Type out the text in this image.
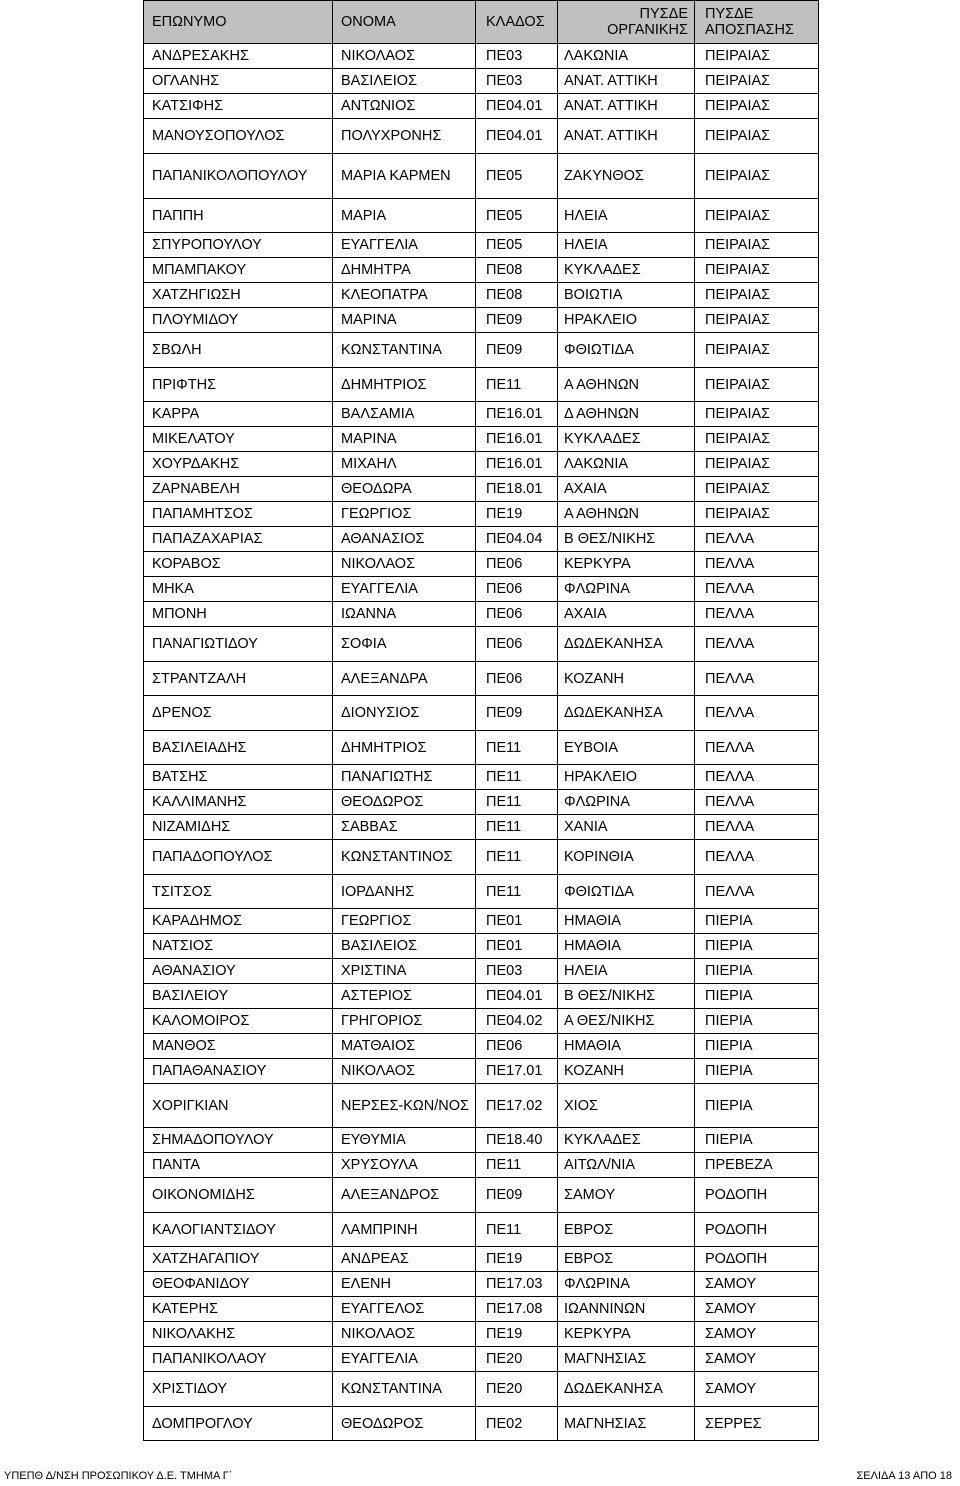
ΕΠΩΝΥΜΟ	ΟΝΟΜΑ	ΚΛΑΔΟΣ	ΠΥΣΔΕ ΟΡΓΑΝΙΚΗΣ	ΠΥΣΔΕ ΑΠΟΣΠΑΣΗΣ
ΑΝΔΡΕΣΑΚΗΣ	ΝΙΚΟΛΑΟΣ	ΠΕ03	ΛΑΚΩΝΙΑ	ΠΕΙΡΑΙΑΣ
ΟΓΛΑΝΗΣ	ΒΑΣΙΛΕΙΟΣ	ΠΕ03	ΑΝΑΤ. ΑΤΤΙΚΗ	ΠΕΙΡΑΙΑΣ
ΚΑΤΣΙΦΗΣ	ΑΝΤΩΝΙΟΣ	ΠΕ04.01	ΑΝΑΤ. ΑΤΤΙΚΗ	ΠΕΙΡΑΙΑΣ
ΜΑΝΟΥΣΟΠΟΥΛΟΣ	ΠΟΛΥΧΡΟΝΗΣ	ΠΕ04.01	ΑΝΑΤ. ΑΤΤΙΚΗ	ΠΕΙΡΑΙΑΣ
ΠΑΠΑΝΙΚΟΛΟΠΟΥΛΟΥ	ΜΑΡΙΑ ΚΑΡΜΕΝ	ΠΕ05	ΖΑΚΥΝΘΟΣ	ΠΕΙΡΑΙΑΣ
ΠΑΠΠΗ	ΜΑΡΙΑ	ΠΕ05	ΗΛΕΙΑ	ΠΕΙΡΑΙΑΣ
ΣΠΥΡΟΠΟΥΛΟΥ	ΕΥΑΓΓΕΛΙΑ	ΠΕ05	ΗΛΕΙΑ	ΠΕΙΡΑΙΑΣ
ΜΠΑΜΠΑΚΟΥ	ΔΗΜΗΤΡΑ	ΠΕ08	ΚΥΚΛΑΔΕΣ	ΠΕΙΡΑΙΑΣ
ΧΑΤΖΗΓΙΩΣΗ	ΚΛΕΟΠΑΤΡΑ	ΠΕ08	ΒΟΙΩΤΙΑ	ΠΕΙΡΑΙΑΣ
ΠΛΟΥΜΙΔΟΥ	ΜΑΡΙΝΑ	ΠΕ09	ΗΡΑΚΛΕΙΟ	ΠΕΙΡΑΙΑΣ
ΣΒΩΛΗ	ΚΩΝΣΤΑΝΤΙΝΑ	ΠΕ09	ΦΘΙΩΤΙΔΑ	ΠΕΙΡΑΙΑΣ
ΠΡΙΦΤΗΣ	ΔΗΜΗΤΡΙΟΣ	ΠΕ11	Α ΑΘΗΝΩΝ	ΠΕΙΡΑΙΑΣ
ΚΑΡΡΑ	ΒΑΛΣΑΜΙΑ	ΠΕ16.01	Δ ΑΘΗΝΩΝ	ΠΕΙΡΑΙΑΣ
ΜΙΚΕΛΑΤΟΥ	ΜΑΡΙΝΑ	ΠΕ16.01	ΚΥΚΛΑΔΕΣ	ΠΕΙΡΑΙΑΣ
ΧΟΥΡΔΑΚΗΣ	ΜΙΧΑΗΛ	ΠΕ16.01	ΛΑΚΩΝΙΑ	ΠΕΙΡΑΙΑΣ
ΖΑΡΝΑΒΕΛΗ	ΘΕΟΔΩΡΑ	ΠΕ18.01	ΑΧΑΙΑ	ΠΕΙΡΑΙΑΣ
ΠΑΠΑΜΗΤΣΟΣ	ΓΕΩΡΓΙΟΣ	ΠΕ19	Α ΑΘΗΝΩΝ	ΠΕΙΡΑΙΑΣ
ΠΑΠΑΖΑΧΑΡΙΑΣ	ΑΘΑΝΑΣΙΟΣ	ΠΕ04.04	Β ΘΕΣ/ΝΙΚΗΣ	ΠΕΛΛΑ
ΚΟΡΑΒΟΣ	ΝΙΚΟΛΑΟΣ	ΠΕ06	ΚΕΡΚΥΡΑ	ΠΕΛΛΑ
ΜΗΚΑ	ΕΥΑΓΓΕΛΙΑ	ΠΕ06	ΦΛΩΡΙΝΑ	ΠΕΛΛΑ
ΜΠΟΝΗ	ΙΩΑΝΝΑ	ΠΕ06	ΑΧΑΙΑ	ΠΕΛΛΑ
ΠΑΝΑΓΙΩΤΙΔΟΥ	ΣΟΦΙΑ	ΠΕ06	ΔΩΔΕΚΑΝΗΣΑ	ΠΕΛΛΑ
ΣΤΡΑΝΤΖΑΛΗ	ΑΛΕΞΑΝΔΡΑ	ΠΕ06	ΚΟΖΑΝΗ	ΠΕΛΛΑ
ΔΡΕΝΟΣ	ΔΙΟΝΥΣΙΟΣ	ΠΕ09	ΔΩΔΕΚΑΝΗΣΑ	ΠΕΛΛΑ
ΒΑΣΙΛΕΙΑΔΗΣ	ΔΗΜΗΤΡΙΟΣ	ΠΕ11	ΕΥΒΟΙΑ	ΠΕΛΛΑ
ΒΑΤΣΗΣ	ΠΑΝΑΓΙΩΤΗΣ	ΠΕ11	ΗΡΑΚΛΕΙΟ	ΠΕΛΛΑ
ΚΑΛΛΙΜΑΝΗΣ	ΘΕΟΔΩΡΟΣ	ΠΕ11	ΦΛΩΡΙΝΑ	ΠΕΛΛΑ
ΝΙΖΑΜΙΔΗΣ	ΣΑΒΒΑΣ	ΠΕ11	ΧΑΝΙΑ	ΠΕΛΛΑ
ΠΑΠΑΔΟΠΟΥΛΟΣ	ΚΩΝΣΤΑΝΤΙΝΟΣ	ΠΕ11	ΚΟΡΙΝΘΙΑ	ΠΕΛΛΑ
ΤΣΙΤΣΟΣ	ΙΟΡΔΑΝΗΣ	ΠΕ11	ΦΘΙΩΤΙΔΑ	ΠΕΛΛΑ
ΚΑΡΑΔΗΜΟΣ	ΓΕΩΡΓΙΟΣ	ΠΕ01	ΗΜΑΘΙΑ	ΠΙΕΡΙΑ
ΝΑΤΣΙΟΣ	ΒΑΣΙΛΕΙΟΣ	ΠΕ01	ΗΜΑΘΙΑ	ΠΙΕΡΙΑ
ΑΘΑΝΑΣΙΟΥ	ΧΡΙΣΤΙΝΑ	ΠΕ03	ΗΛΕΙΑ	ΠΙΕΡΙΑ
ΒΑΣΙΛΕΙΟΥ	ΑΣΤΕΡΙΟΣ	ΠΕ04.01	Β ΘΕΣ/ΝΙΚΗΣ	ΠΙΕΡΙΑ
ΚΑΛΟΜΟΙΡΟΣ	ΓΡΗΓΟΡΙΟΣ	ΠΕ04.02	Α ΘΕΣ/ΝΙΚΗΣ	ΠΙΕΡΙΑ
ΜΑΝΘΟΣ	ΜΑΤΘΑΙΟΣ	ΠΕ06	ΗΜΑΘΙΑ	ΠΙΕΡΙΑ
ΠΑΠΑΘΑΝΑΣΙΟΥ	ΝΙΚΟΛΑΟΣ	ΠΕ17.01	ΚΟΖΑΝΗ	ΠΙΕΡΙΑ
ΧΟΡΙΓΚΙΑΝ	ΝΕΡΣΕΣ-ΚΩΝ/ΝΟΣ	ΠΕ17.02	ΧΙΟΣ	ΠΙΕΡΙΑ
ΣΗΜΑΔΟΠΟΥΛΟΥ	ΕΥΘΥΜΙΑ	ΠΕ18.40	ΚΥΚΛΑΔΕΣ	ΠΙΕΡΙΑ
ΠΑΝΤΑ	ΧΡΥΣΟΥΛΑ	ΠΕ11	ΑΙΤΩΛ/ΝΙΑ	ΠΡΕΒΕΖΑ
ΟΙΚΟΝΟΜΙΔΗΣ	ΑΛΕΞΑΝΔΡΟΣ	ΠΕ09	ΣΑΜΟΥ	ΡΟΔΟΠΗ
ΚΑΛΟΓΙΑΝΤΣΙΔΟΥ	ΛΑΜΠΡΙΝΗ	ΠΕ11	ΕΒΡΟΣ	ΡΟΔΟΠΗ
ΧΑΤΖΗΑΓΑΠΙΟΥ	ΑΝΔΡΕΑΣ	ΠΕ19	ΕΒΡΟΣ	ΡΟΔΟΠΗ
ΘΕΟΦΑΝΙΔΟΥ	ΕΛΕΝΗ	ΠΕ17.03	ΦΛΩΡΙΝΑ	ΣΑΜΟΥ
ΚΑΤΕΡΗΣ	ΕΥΑΓΓΕΛΟΣ	ΠΕ17.08	ΙΩΑΝΝΙΝΩΝ	ΣΑΜΟΥ
ΝΙΚΟΛΑΚΗΣ	ΝΙΚΟΛΑΟΣ	ΠΕ19	ΚΕΡΚΥΡΑ	ΣΑΜΟΥ
ΠΑΠΑΝΙΚΟΛΑΟΥ	ΕΥΑΓΓΕΛΙΑ	ΠΕ20	ΜΑΓΝΗΣΙΑΣ	ΣΑΜΟΥ
ΧΡΙΣΤΙΔΟΥ	ΚΩΝΣΤΑΝΤΙΝΑ	ΠΕ20	ΔΩΔΕΚΑΝΗΣΑ	ΣΑΜΟΥ
ΔΟΜΠΡΟΓΛΟΥ	ΘΕΟΔΩΡΟΣ	ΠΕ02	ΜΑΓΝΗΣΙΑΣ	ΣΕΡΡΕΣ
ΥΠΕΠΘ Δ/ΝΣΗ ΠΡΟΣΩΠΙΚΟΥ Δ.Ε. ΤΜΗΜΑ Γ΄	ΣΕΛΙΔΑ 13 ΑΠΟ 18
